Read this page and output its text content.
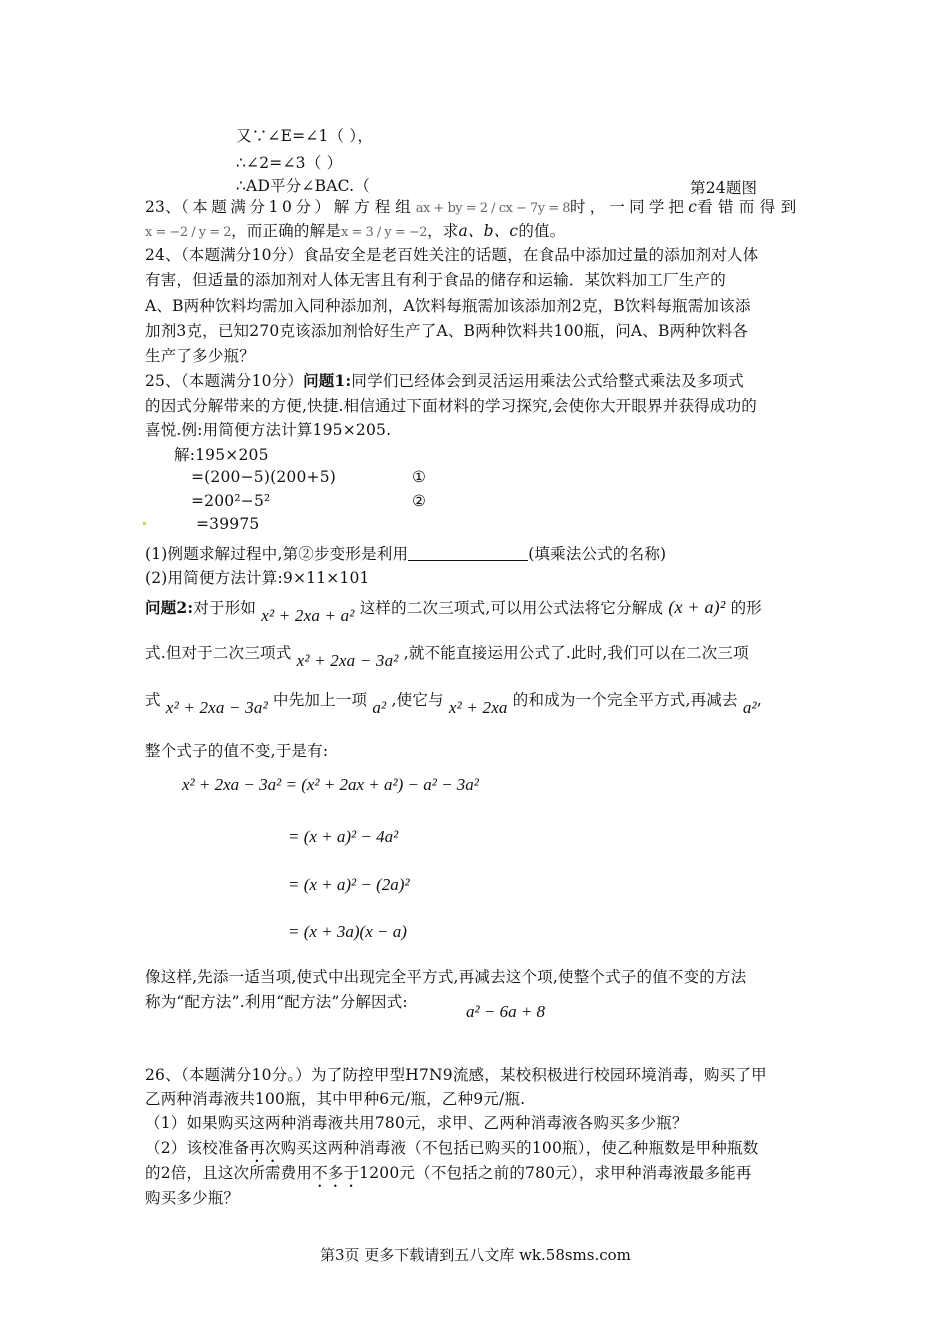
又∵∠E=∠1（ ），
∴∠2=∠3（ ）
∴AD平分∠BAC.（	第24题图
23、（本题满分10分）解方程组ax + by = 2 / cx − 7y = 8时，一同学把c看错而得到
x = −2 / y = 2，而正确的解是x = 3 / y = −2，求a、b、c的值。
24、（本题满分10分）食品安全是老百姓关注的话题，在食品中添加过量的添加剂对人体
有害，但适量的添加剂对人体无害且有利于食品的储存和运输．某饮料加工厂生产的
A、B两种饮料均需加入同种添加剂，A饮料每瓶需加该添加剂2克，B饮料每瓶需加该添
加剂3克，已知270克该添加剂恰好生产了A、B两种饮料共100瓶，问A、B两种饮料各
生产了多少瓶？
25、（本题满分10分）问题1:同学们已经体会到灵活运用乘法公式给整式乘法及多项式
的因式分解带来的方便,快捷.相信通过下面材料的学习探究,会使你大开眼界并获得成功的
喜悦.例:用简便方法计算195×205.
解:195×205
=(200−5)(200+5)	①
=200²−5²	②
=39975
(1)例题求解过程中,第②步变形是利用	(填乘法公式的名称)
(2)用简便方法计算:9×11×101
问题2:对于形如 x² + 2xa + a² 这样的二次三项式,可以用公式法将它分解成 (x + a)² 的形
式.但对于二次三项式 x² + 2xa − 3a² ,就不能直接运用公式了.此时,我们可以在二次三项
式 x² + 2xa − 3a² 中先加上一项 a² ,使它与 x² + 2xa 的和成为一个完全平方式,再减去 a²,
整个式子的值不变,于是有:
x² + 2xa − 3a² = (x² + 2ax + a²) − a² − 3a²
= (x + a)² − 4a²
= (x + a)² − (2a)²
= (x + 3a)(x − a)
像这样,先添一适当项,使式中出现完全平方式,再减去这个项,使整个式子的值不变的方法
称为“配方法”.利用“配方法”分解因式:	a² − 6a + 8
26、（本题满分10分。）为了防控甲型H7N9流感，某校积极进行校园环境消毒，购买了甲
乙两种消毒液共100瓶，其中甲种6元/瓶，乙种9元/瓶.
（1）如果购买这两种消毒液共用780元，求甲、乙两种消毒液各购买多少瓶？
（2）该校准备再次购买这两种消毒液（不包括已购买的100瓶），使乙种瓶数是甲种瓶数
的2倍，且这次所需费用不多于1200元（不包括之前的780元），求甲种消毒液最多能再
购买多少瓶？
第3页 更多下载请到五八文库 wk.58sms.com
